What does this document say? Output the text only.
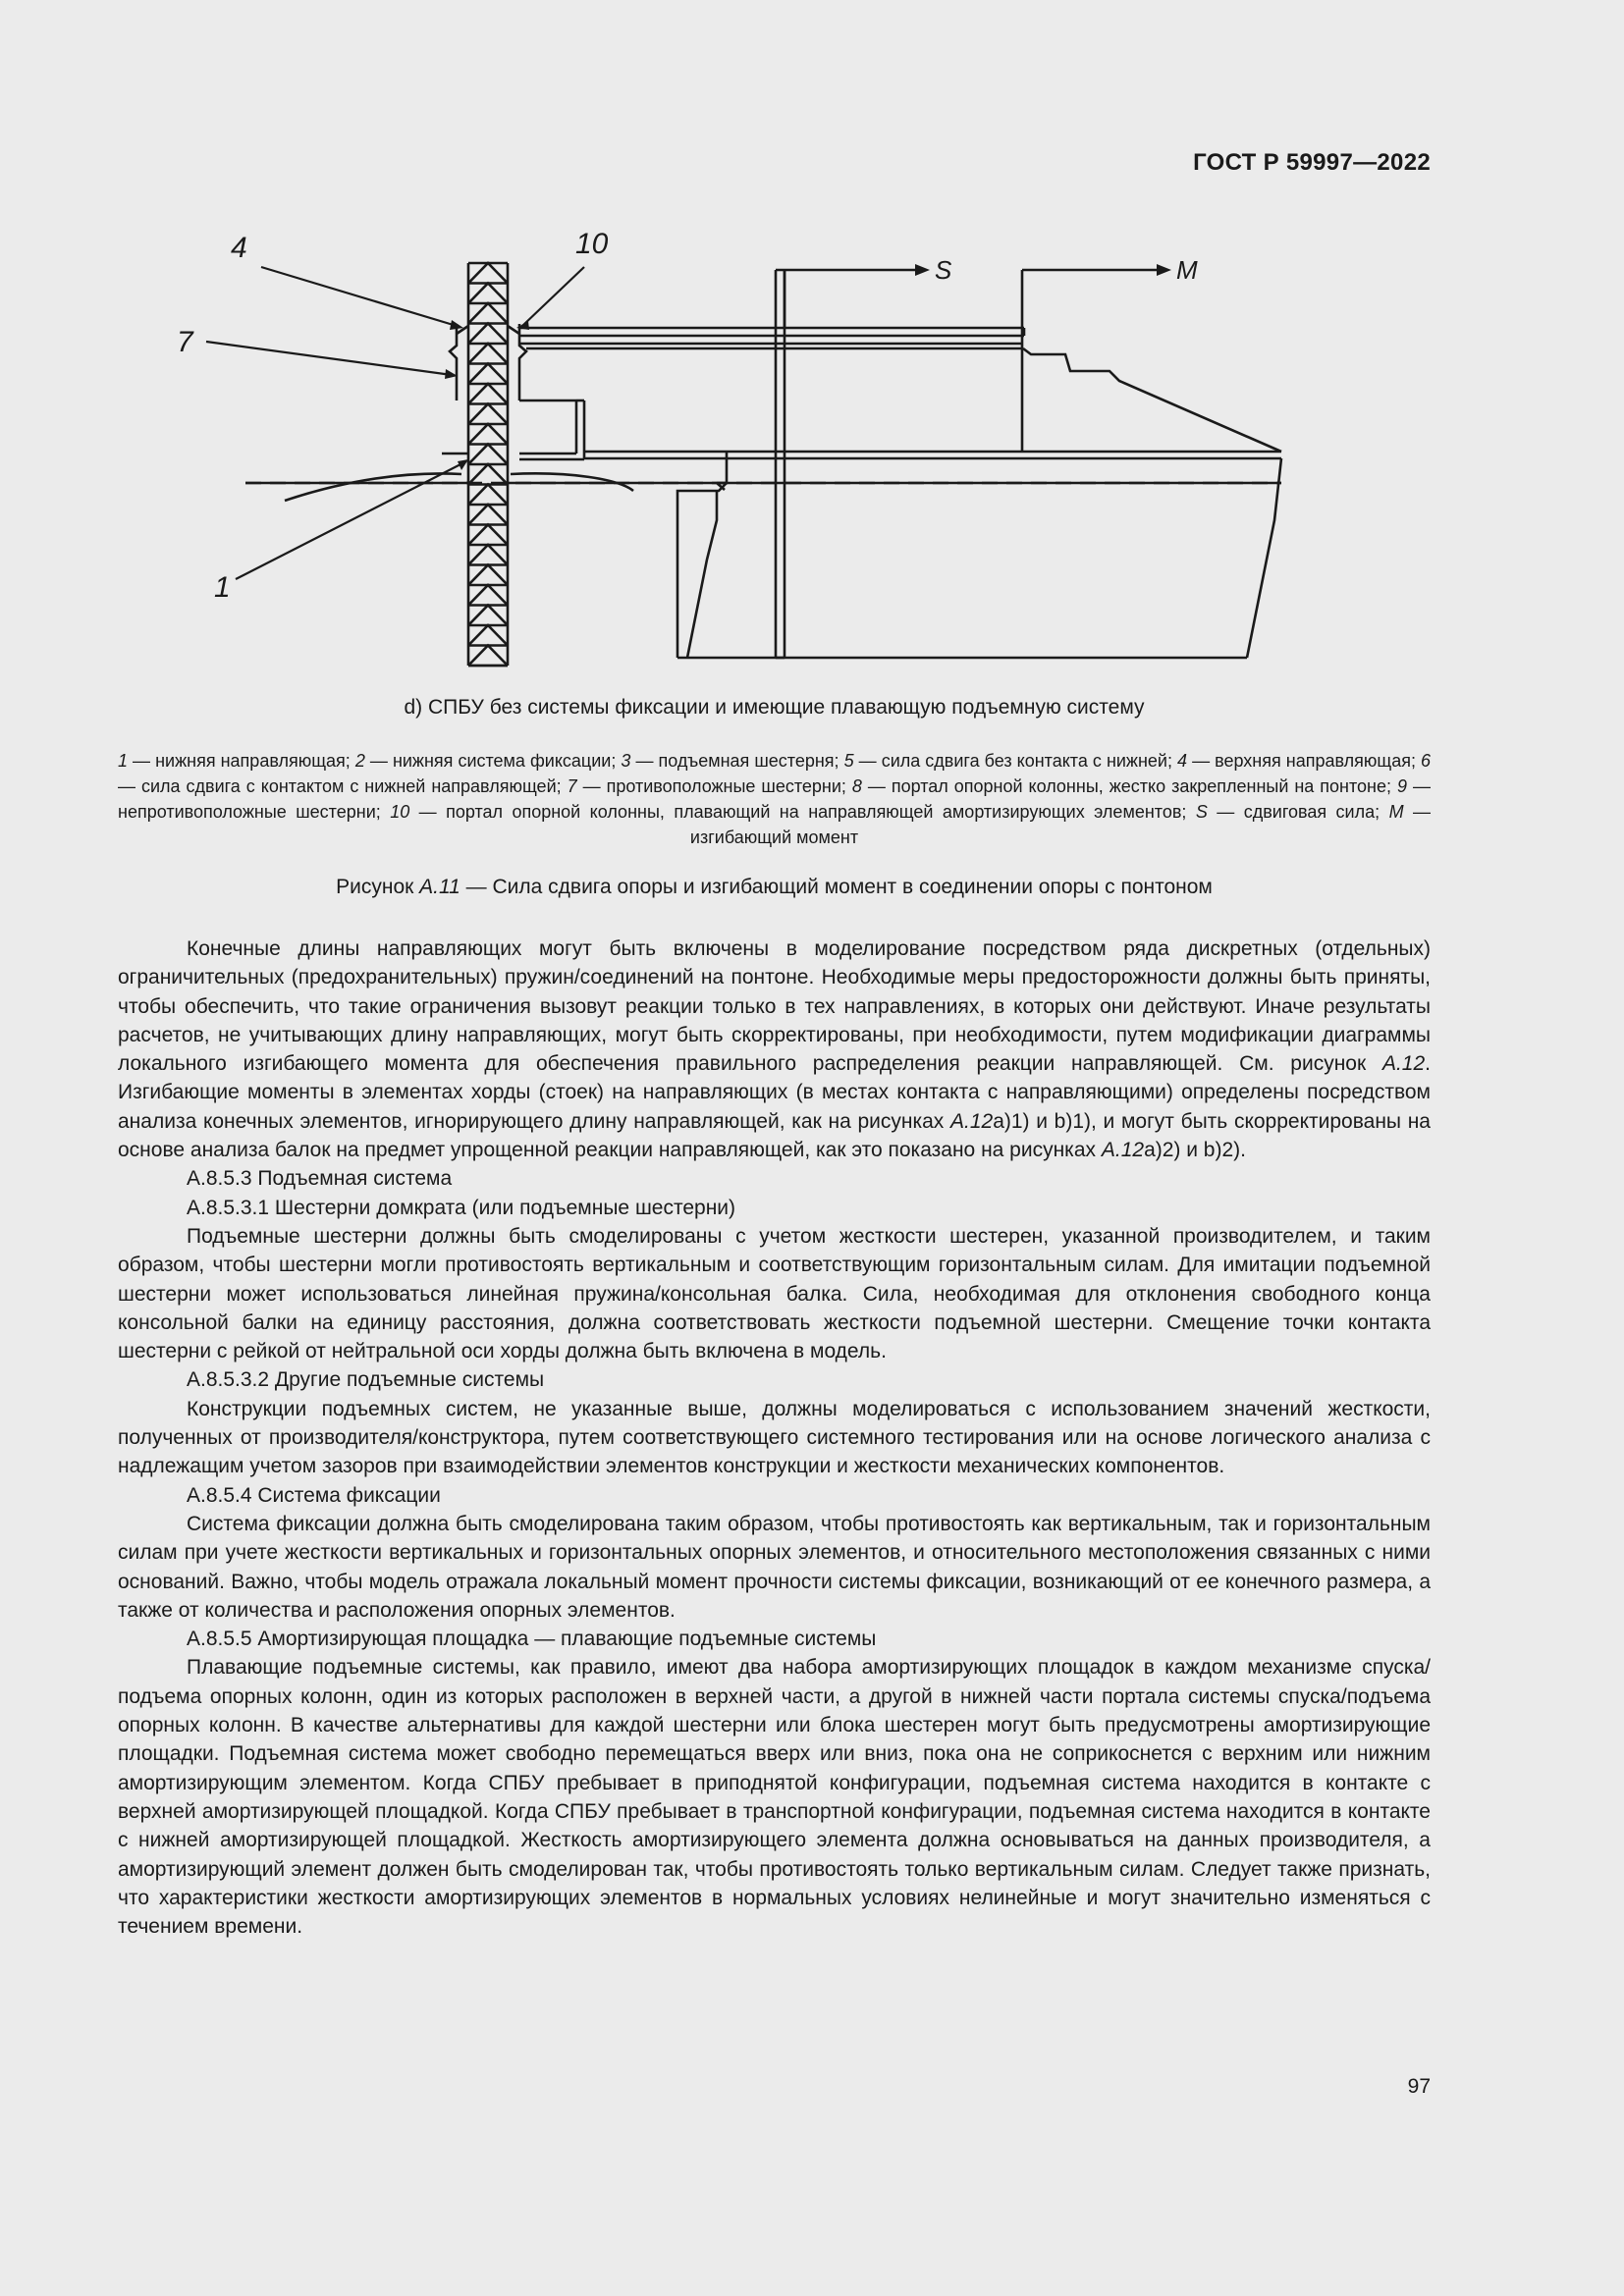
ГОСТ Р 59997—2022
4	10
7
1
S	M
d) СПБУ без системы фиксации и имеющие плавающую подъемную систему
1 — нижняя направляющая; 2 — нижняя система фиксации; 3 — подъемная шестерня; 5 — сила сдвига без контакта с нижней; 4 — верхняя направляющая; 6 — сила сдвига с контактом с нижней направляющей; 7 — противоположные шестерни; 8 — портал опорной колонны, жестко закрепленный на понтоне; 9 — непротивоположные шестерни; 10 — портал опорной колонны, плавающий на направляющей амортизирующих элементов; S — сдвиговая сила; M — изгибающий момент
Рисунок А.11 — Сила сдвига опоры и изгибающий момент в соединении опоры с понтоном

Конечные длины направляющих могут быть включены в моделирование посредством ряда дискретных (отдельных) ограничительных (предохранительных) пружин/соединений на понтоне. Необходимые меры предосторожности должны быть приняты, чтобы обеспечить, что такие ограничения вызовут реакции только в тех направлениях, в которых они действуют. Иначе результаты расчетов, не учитывающих длину направляющих, могут быть скорректированы, при необходимости, путем модификации диаграммы локального изгибающего момента для обеспечения правильного распределения реакции направляющей. См. рисунок А.12. Изгибающие моменты в элементах хорды (стоек) на направляющих (в местах контакта с направляющими) определены посредством анализа конечных элементов, игнорирующего длину направляющей, как на рисунках А.12а)1) и b)1), и могут быть скорректированы на основе анализа балок на предмет упрощенной реакции направляющей, как это показано на рисунках А.12а)2) и b)2).

А.8.5.3 Подъемная система

А.8.5.3.1 Шестерни домкрата (или подъемные шестерни)

Подъемные шестерни должны быть смоделированы с учетом жесткости шестерен, указанной производителем, и таким образом, чтобы шестерни могли противостоять вертикальным и соответствующим горизонтальным силам. Для имитации подъемной шестерни может использоваться линейная пружина/консольная балка. Сила, необходимая для отклонения свободного конца консольной балки на единицу расстояния, должна соответствовать жесткости подъемной шестерни. Смещение точки контакта шестерни с рейкой от нейтральной оси хорды должна быть включена в модель.

А.8.5.3.2 Другие подъемные системы

Конструкции подъемных систем, не указанные выше, должны моделироваться с использованием значений жесткости, полученных от производителя/конструктора, путем соответствующего системного тестирования или на основе логического анализа с надлежащим учетом зазоров при взаимодействии элементов конструкции и жесткости механических компонентов.

А.8.5.4 Система фиксации

Система фиксации должна быть смоделирована таким образом, чтобы противостоять как вертикальным, так и горизонтальным силам при учете жесткости вертикальных и горизонтальных опорных элементов, и относительного местоположения связанных с ними оснований. Важно, чтобы модель отражала локальный момент прочности системы фиксации, возникающий от ее конечного размера, а также от количества и расположения опорных элементов.

А.8.5.5 Амортизирующая площадка — плавающие подъемные системы

Плавающие подъемные системы, как правило, имеют два набора амортизирующих площадок в каждом механизме спуска/подъема опорных колонн, один из которых расположен в верхней части, а другой в нижней части портала системы спуска/подъема опорных колонн. В качестве альтернативы для каждой шестерни или блока шестерен могут быть предусмотрены амортизирующие площадки. Подъемная система может свободно перемещаться вверх или вниз, пока она не соприкоснется с верхним или нижним амортизирующим элементом. Когда СПБУ пребывает в приподнятой конфигурации, подъемная система находится в контакте с верхней амортизирующей площадкой. Когда СПБУ пребывает в транспортной конфигурации, подъемная система находится в контакте с нижней амортизирующей площадкой. Жесткость амортизирующего элемента должна основываться на данных производителя, а амортизирующий элемент должен быть смоделирован так, чтобы противостоять только вертикальным силам. Следует также признать, что характеристики жесткости амортизирующих элементов в нормальных условиях нелинейные и могут значительно изменяться с течением времени.

97
